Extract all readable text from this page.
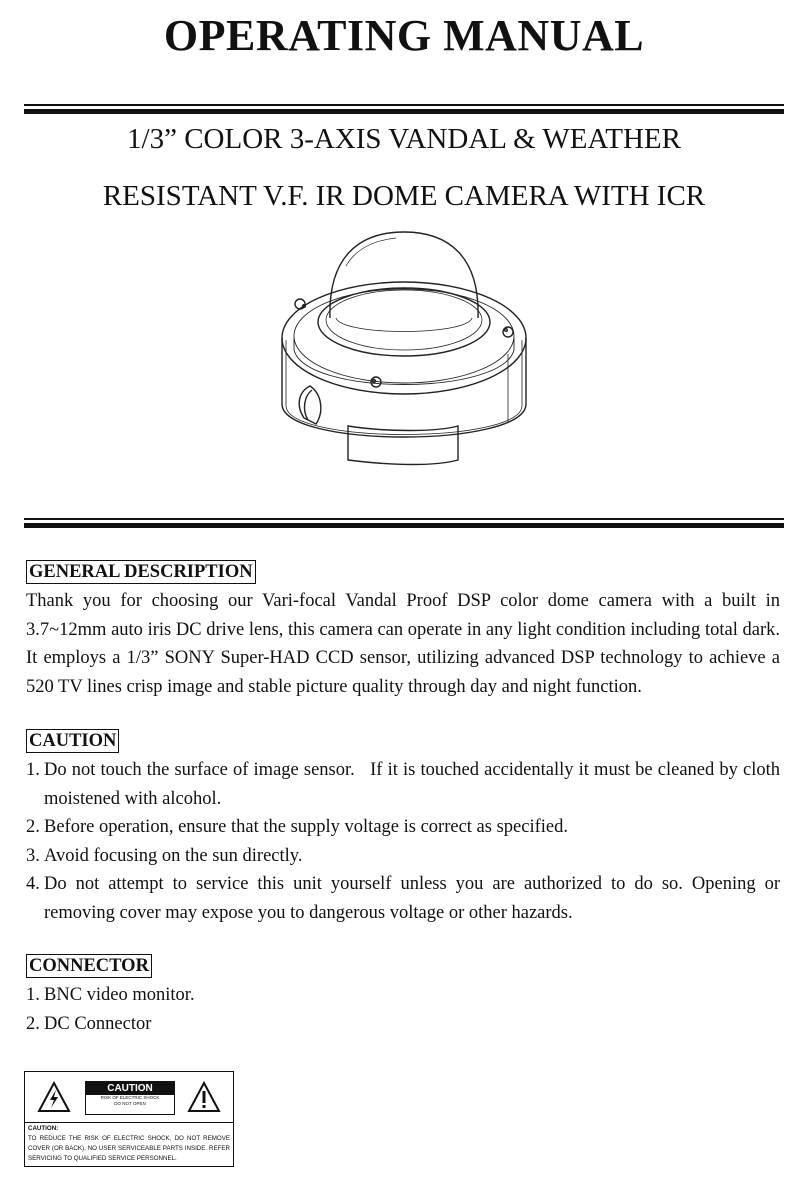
OPERATING MANUAL
1/3” COLOR 3-AXIS VANDAL & WEATHER
RESISTANT V.F. IR DOME CAMERA WITH ICR
GENERAL DESCRIPTION
Thank you for choosing our Vari-focal Vandal Proof DSP color dome camera with a built in 3.7~12mm auto iris DC drive lens, this camera can operate in any light condition including total dark. It employs a 1/3” SONY Super-HAD CCD sensor, utilizing advanced DSP technology to achieve a 520 TV lines crisp image and stable picture quality through day and night function.
CAUTION
1. Do not touch the surface of image sensor.   If it is touched accidentally it must be cleaned by cloth moistened with alcohol.
2. Before operation, ensure that the supply voltage is correct as specified.
3. Avoid focusing on the sun directly.
4. Do not attempt to service this unit yourself unless you are authorized to do so. Opening or removing cover may expose you to dangerous voltage or other hazards.
CONNECTOR
1. BNC video monitor.
2. DC Connector
CAUTION
RISK OF ELECTRIC SHOCK
DO NOT OPEN
CAUTION:
TO REDUCE THE RISK OF ELECTRIC SHOCK, DO NOT REMOVE COVER (OR BACK), NO USER SERVICEABLE PARTS INSIDE. REFER SERVICING TO QUALIFIED SERVICE PERSONNEL.
